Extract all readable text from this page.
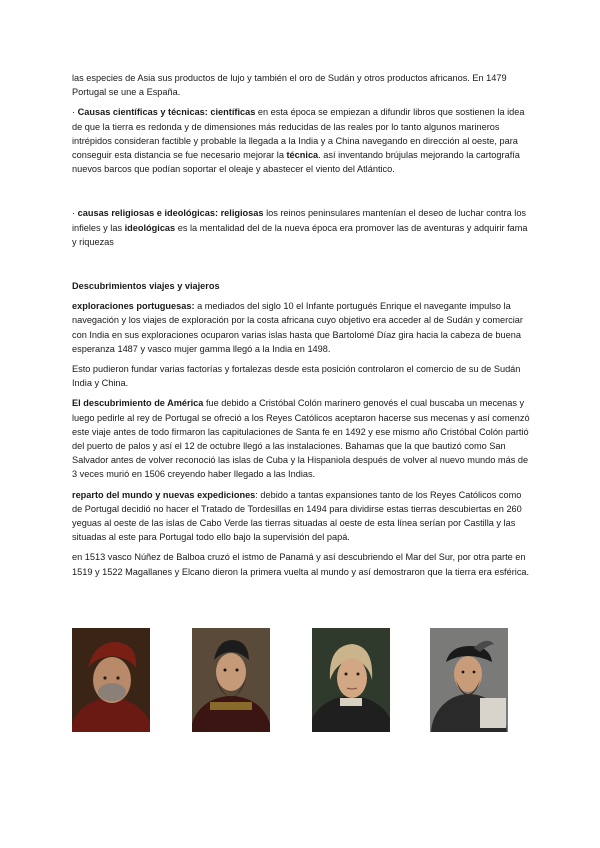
las especies de Asia sus productos de lujo y también el oro de Sudán y otros productos africanos. En 1479 Portugal se une a España.

· Causas científicas y técnicas: científicas en esta época se empiezan a difundir libros que sostienen la idea de que la tierra es redonda y de dimensiones más reducidas de las reales por lo tanto algunos marineros intrépidos consideran factible y probable la llegada a la India y a China navegando en dirección al oeste, para conseguir esta distancia se fue necesario mejorar la técnica. así inventando brújulas mejorando la cartografía nuevos barcos que podían soportar el oleaje y abastecer el viento del Atlántico.

· causas religiosas e ideológicas: religiosas los reinos peninsulares mantenían el deseo de luchar contra los infieles y las ideológicas es la mentalidad del de la nueva época era promover las de aventuras y adquirir fama y riquezas

Descubrimientos viajes y viajeros

exploraciones portuguesas: a mediados del siglo 10 el Infante portugués Enrique el navegante impulso la navegación y los viajes de exploración por la costa africana cuyo objetivo era acceder al de Sudán y comerciar con India en sus exploraciones ocuparon varias islas hasta que Bartolomé Díaz gira hacia la cabeza de buena esperanza 1487 y vasco mujer gamma llegó a la India en 1498.

Esto pudieron fundar varias factorías y fortalezas desde esta posición controlaron el comercio de su de Sudán India y China.

El descubrimiento de América fue debido a Cristóbal Colón marinero genovés el cual buscaba un mecenas y luego pedirle al rey de Portugal se ofreció a los Reyes Católicos aceptaron hacerse sus mecenas y así comenzó este viaje antes de todo firmaron las capitulaciones de Santa fe en 1492 y ese mismo año Cristóbal Colón partió del puerto de palos y así el 12 de octubre llegó a las instalaciones. Bahamas que la que bautizó como San Salvador antes de volver reconoció las islas de Cuba y la Hispaniola después de volver al nuevo mundo más de 3 veces murió en 1506 creyendo haber llegado a las Indias.

reparto del mundo y nuevas expediciones: debido a tantas expansiones tanto de los Reyes Católicos como de Portugal decidió no hacer el Tratado de Tordesillas en 1494 para dividirse estas tierras descubiertas en 260 yeguas al oeste de las islas de Cabo Verde las tierras situadas al oeste de esta línea serían por Castilla y las situadas al este para Portugal todo ello bajo la supervisión del papá.

en 1513 vasco Núñez de Balboa cruzó el istmo de Panamá y así descubriendo el Mar del Sur, por otra parte en 1519 y 1522 Magallanes y Elcano dieron la primera vuelta al mundo y así demostraron que la tierra era esférica.
